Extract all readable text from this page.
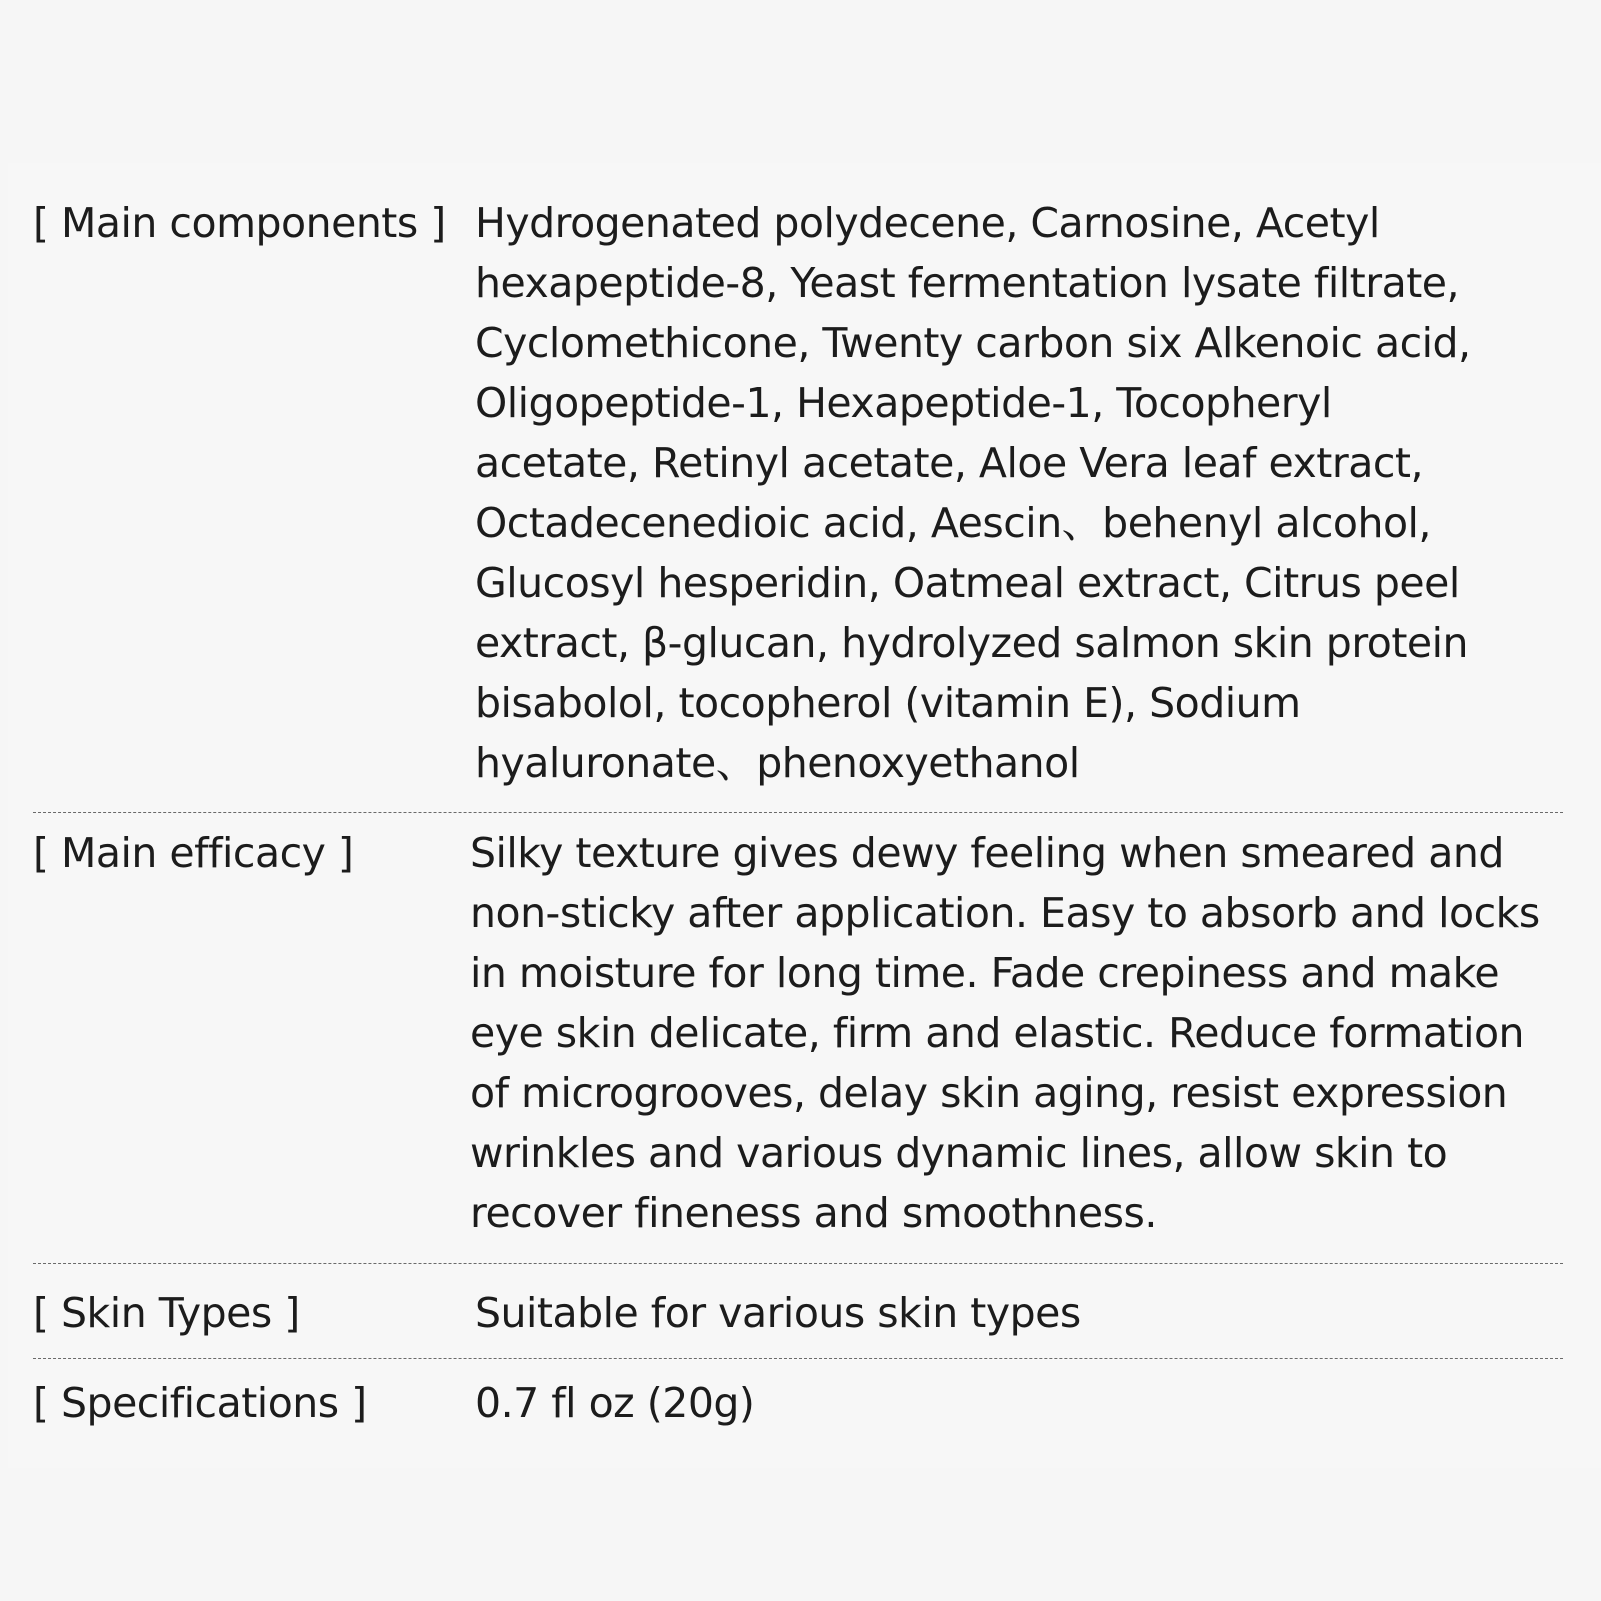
[ Main components ] Hydrogenated polydecene, Carnosine, Acetyl
hexapeptide-8, Yeast fermentation lysate filtrate,
Cyclomethicone, Twenty carbon six Alkenoic acid,
Oligopeptide-1, Hexapeptide-1, Tocopheryl
acetate, Retinyl acetate, Aloe Vera leaf extract,
Octadecenedioic acid, Aescin、behenyl alcohol,
Glucosyl hesperidin, Oatmeal extract, Citrus peel
extract, β-glucan, hydrolyzed salmon skin protein
bisabolol, tocopherol (vitamin E), Sodium
hyaluronate、phenoxyethanol
[ Main efficacy ]	Silky texture gives dewy feeling when smeared and
non-sticky after application. Easy to absorb and locks
in moisture for long time. Fade crepiness and make
eye skin delicate, firm and elastic. Reduce formation
of microgrooves, delay skin aging, resist expression
wrinkles and various dynamic lines, allow skin to
recover fineness and smoothness.
[ Skin Types ]	Suitable for various skin types
[ Specifications ]	0.7 fl oz (20g)
